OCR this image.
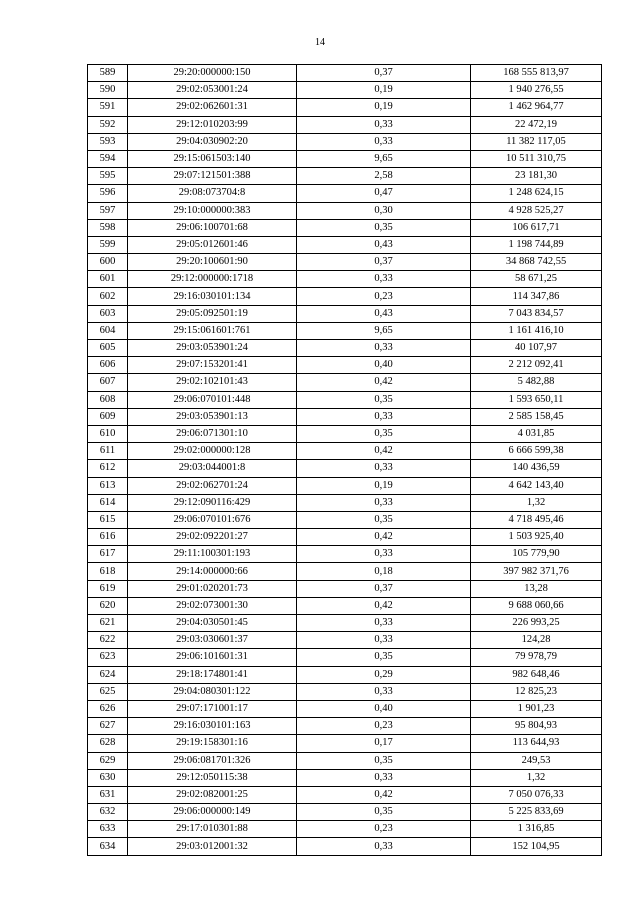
14
589	29:20:000000:150	0,37	168 555 813,97
590	29:02:053001:24	0,19	1 940 276,55
591	29:02:062601:31	0,19	1 462 964,77
592	29:12:010203:99	0,33	22 472,19
593	29:04:030902:20	0,33	11 382 117,05
594	29:15:061503:140	9,65	10 511 310,75
595	29:07:121501:388	2,58	23 181,30
596	29:08:073704:8	0,47	1 248 624,15
597	29:10:000000:383	0,30	4 928 525,27
598	29:06:100701:68	0,35	106 617,71
599	29:05:012601:46	0,43	1 198 744,89
600	29:20:100601:90	0,37	34 868 742,55
601	29:12:000000:1718	0,33	58 671,25
602	29:16:030101:134	0,23	114 347,86
603	29:05:092501:19	0,43	7 043 834,57
604	29:15:061601:761	9,65	1 161 416,10
605	29:03:053901:24	0,33	40 107,97
606	29:07:153201:41	0,40	2 212 092,41
607	29:02:102101:43	0,42	5 482,88
608	29:06:070101:448	0,35	1 593 650,11
609	29:03:053901:13	0,33	2 585 158,45
610	29:06:071301:10	0,35	4 031,85
611	29:02:000000:128	0,42	6 666 599,38
612	29:03:044001:8	0,33	140 436,59
613	29:02:062701:24	0,19	4 642 143,40
614	29:12:090116:429	0,33	1,32
615	29:06:070101:676	0,35	4 718 495,46
616	29:02:092201:27	0,42	1 503 925,40
617	29:11:100301:193	0,33	105 779,90
618	29:14:000000:66	0,18	397 982 371,76
619	29:01:020201:73	0,37	13,28
620	29:02:073001:30	0,42	9 688 060,66
621	29:04:030501:45	0,33	226 993,25
622	29:03:030601:37	0,33	124,28
623	29:06:101601:31	0,35	79 978,79
624	29:18:174801:41	0,29	982 648,46
625	29:04:080301:122	0,33	12 825,23
626	29:07:171001:17	0,40	1 901,23
627	29:16:030101:163	0,23	95 804,93
628	29:19:158301:16	0,17	113 644,93
629	29:06:081701:326	0,35	249,53
630	29:12:050115:38	0,33	1,32
631	29:02:082001:25	0,42	7 050 076,33
632	29:06:000000:149	0,35	5 225 833,69
633	29:17:010301:88	0,23	1 316,85
634	29:03:012001:32	0,33	152 104,95
